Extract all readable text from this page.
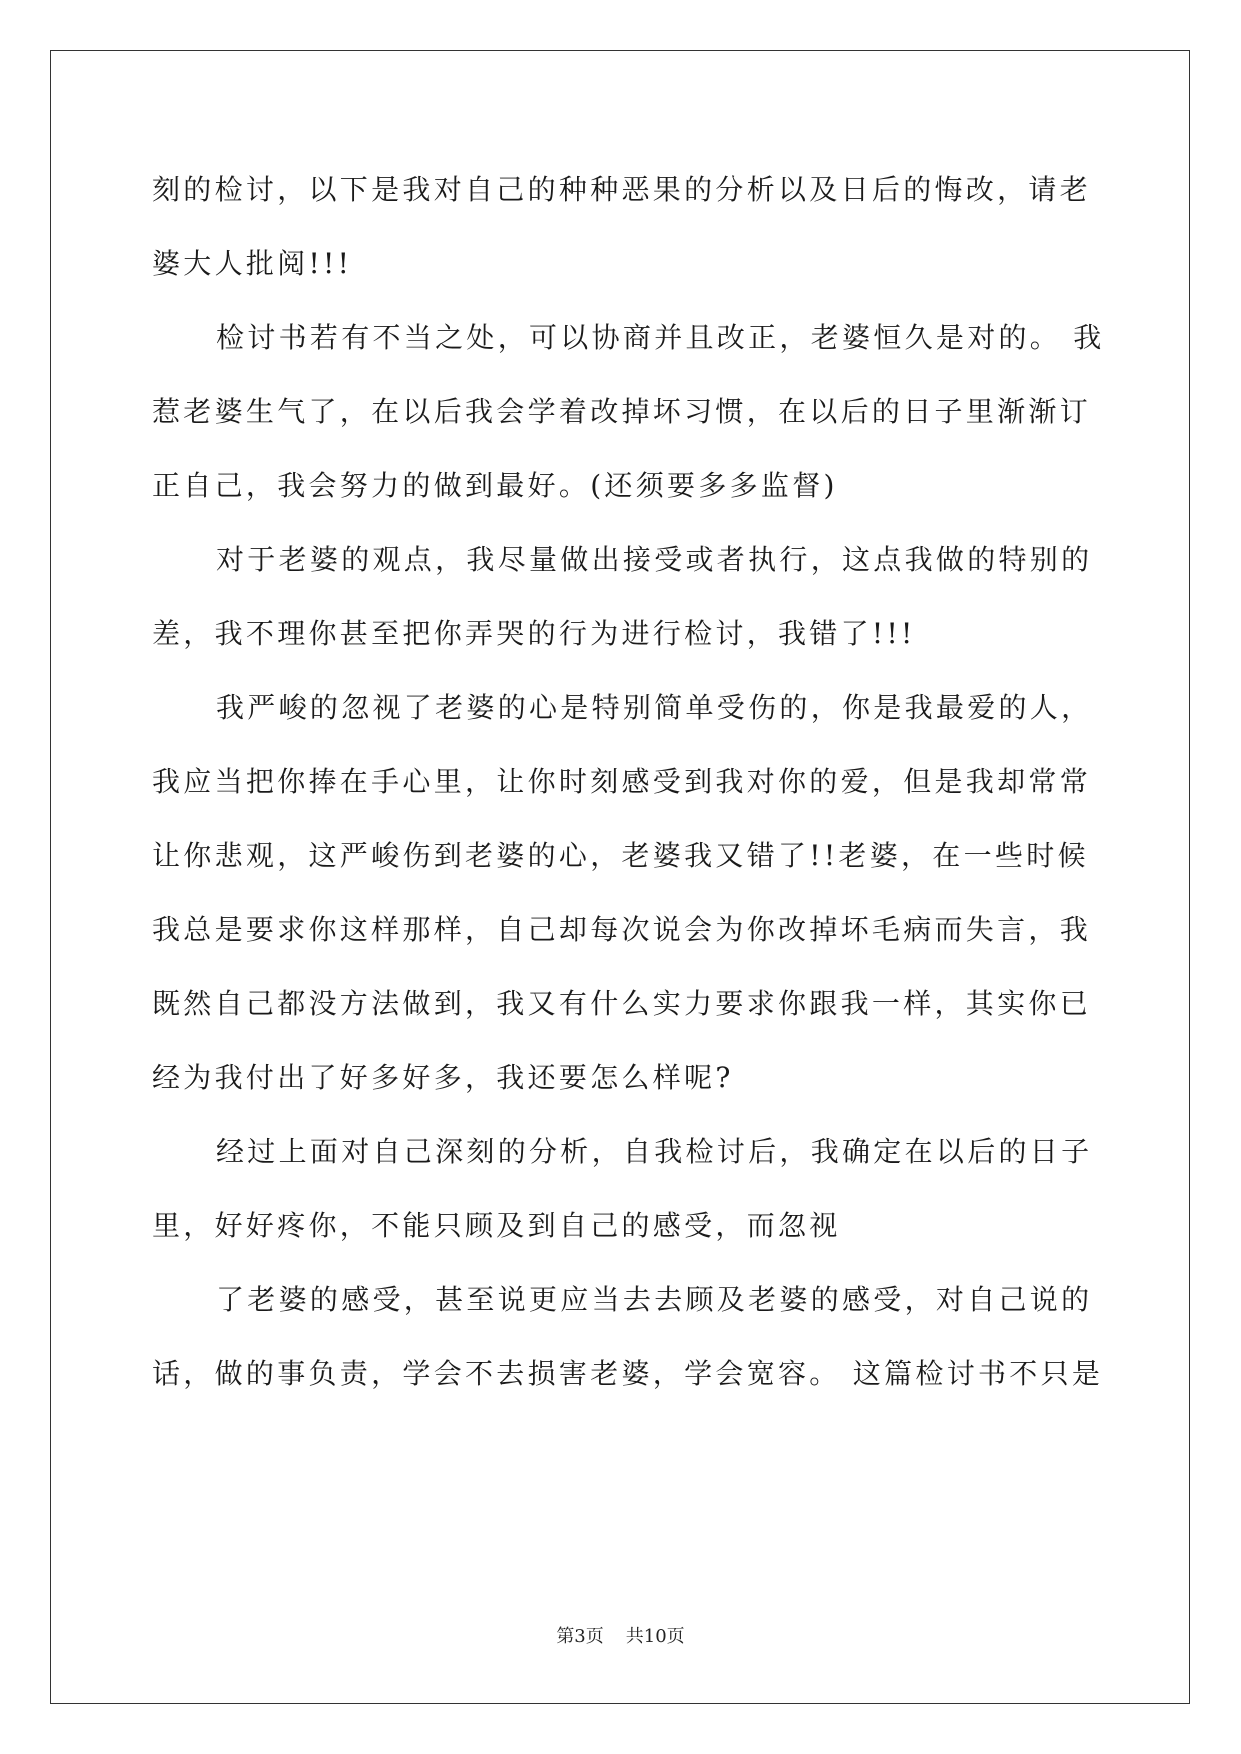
刻的检讨，以下是我对自己的种种恶果的分析以及日后的悔改，请老
婆大人批阅!!!
检讨书若有不当之处，可以协商并且改正，老婆恒久是对的。 我
惹老婆生气了，在以后我会学着改掉坏习惯，在以后的日子里渐渐订
正自己，我会努力的做到最好。(还须要多多监督)
对于老婆的观点，我尽量做出接受或者执行，这点我做的特别的
差，我不理你甚至把你弄哭的行为进行检讨，我错了!!!
我严峻的忽视了老婆的心是特别简单受伤的，你是我最爱的人，
我应当把你捧在手心里，让你时刻感受到我对你的爱，但是我却常常
让你悲观，这严峻伤到老婆的心，老婆我又错了!!老婆，在一些时候
我总是要求你这样那样，自己却每次说会为你改掉坏毛病而失言，我
既然自己都没方法做到，我又有什么实力要求你跟我一样，其实你已
经为我付出了好多好多，我还要怎么样呢?
经过上面对自己深刻的分析，自我检讨后，我确定在以后的日子
里，好好疼你，不能只顾及到自己的感受，而忽视
了老婆的感受，甚至说更应当去去顾及老婆的感受，对自己说的
话，做的事负责，学会不去损害老婆，学会宽容。 这篇检讨书不只是
第3页 共10页
